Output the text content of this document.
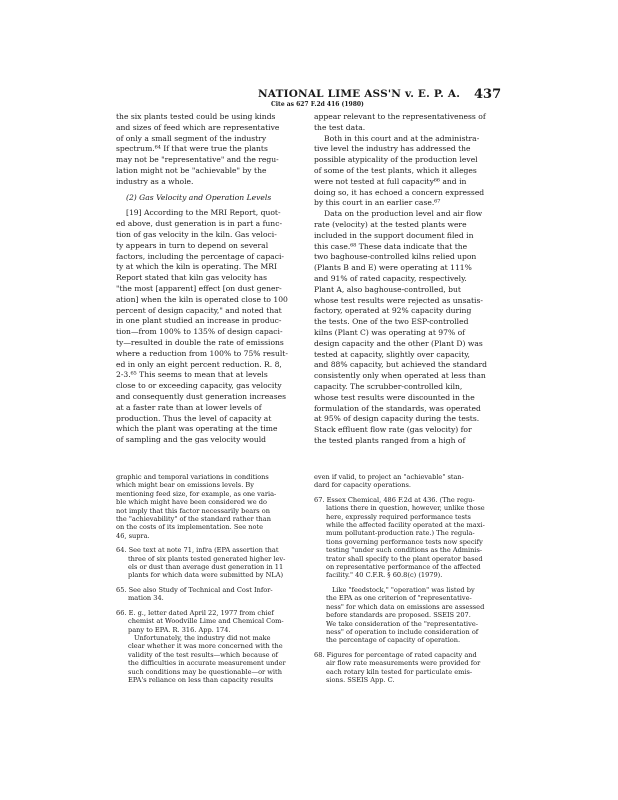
NATIONAL LIME ASS'N v. E. P. A. 437
Cite as 627 F.2d 416 (1980)

the six plants tested could be using kinds

and sizes of feed which are representative

of only a small segment of the industry

spectrum.⁶⁴ If that were true the plants

may not be "representative" and the regu-

lation might not be "achievable" by the

industry as a whole.

(2) Gas Velocity and Operation Levels

[19] According to the MRI Report, quot-

ed above, dust generation is in part a func-

tion of gas velocity in the kiln. Gas veloci-

ty appears in turn to depend on several

factors, including the percentage of capaci-

ty at which the kiln is operating. The MRI

Report stated that kiln gas velocity has

"the most [apparent] effect [on dust gener-

ation] when the kiln is operated close to 100

percent of design capacity," and noted that

in one plant studied an increase in produc-

tion—from 100% to 135% of design capaci-

ty—resulted in double the rate of emissions

where a reduction from 100% to 75% result-

ed in only an eight percent reduction. R. 8,

2-3.⁶⁵ This seems to mean that at levels

close to or exceeding capacity, gas velocity

and consequently dust generation increases

at a faster rate than at lower levels of

production. Thus the level of capacity at

which the plant was operating at the time

of sampling and the gas velocity would

appear relevant to the representativeness of

the test data.

Both in this court and at the administra-

tive level the industry has addressed the

possible atypicality of the production level

of some of the test plants, which it alleges

were not tested at full capacity⁶⁶ and in

doing so, it has echoed a concern expressed

by this court in an earlier case.⁶⁷

Data on the production level and air flow

rate (velocity) at the tested plants were

included in the support document filed in

this case.⁶⁸ These data indicate that the

two baghouse-controlled kilns relied upon

(Plants B and E) were operating at 111%

and 91% of rated capacity, respectively.

Plant A, also baghouse-controlled, but

whose test results were rejected as unsatis-

factory, operated at 92% capacity during

the tests. One of the two ESP-controlled

kilns (Plant C) was operating at 97% of

design capacity and the other (Plant D) was

tested at capacity, slightly over capacity,

and 88% capacity, but achieved the standard

consistently only when operated at less than

capacity. The scrubber-controlled kiln,

whose test results were discounted in the

formulation of the standards, was operated

at 95% of design capacity during the tests.

Stack effluent flow rate (gas velocity) for

the tested plants ranged from a high of

graphic and temporal variations in conditions

which might bear on emissions levels. By

mentioning feed size, for example, as one varia-

ble which might have been considered we do

not imply that this factor necessarily bears on

the "achievability" of the standard rather than

on the costs of its implementation. See note

46, supra.

64. See text at note 71, infra (EPA assertion that

three of six plants tested generated higher lev-

els or dust than average dust generation in 11

plants for which data were submitted by NLA)

65. See also Study of Technical and Cost Infor-

mation 34.

66. E. g., letter dated April 22, 1977 from chief

chemist at Woodville Lime and Chemical Com-

pany to EPA. R. 316. App. 174.

Unfortunately, the industry did not make

clear whether it was more concerned with the

validity of the test results—which because of

the difficulties in accurate measurement under

such conditions may be questionable—or with

EPA's reliance on less than capacity results

even if valid, to project an "achievable" stan-

dard for capacity operations.

67. Essex Chemical, 486 F.2d at 436. (The regu-

lations there in question, however, unlike those

here, expressly required performance tests

while the affected facility operated at the maxi-

mum pollutant-production rate.) The regula-

tions governing performance tests now specify

testing "under such conditions as the Adminis-

trator shall specify to the plant operator based

on representative performance of the affected

facility." 40 C.F.R. § 60.8(c) (1979).

Like "feedstock," "operation" was listed by

the EPA as one criterion of "representative-

ness" for which data on emissions are assessed

before standards are proposed. SSEIS 207.

We take consideration of the "representative-

ness" of operation to include consideration of

the percentage of capacity of operation.

68. Figures for percentage of rated capacity and

air flow rate measurements were provided for

each rotary kiln tested for particulate emis-

sions. SSEIS App. C.
